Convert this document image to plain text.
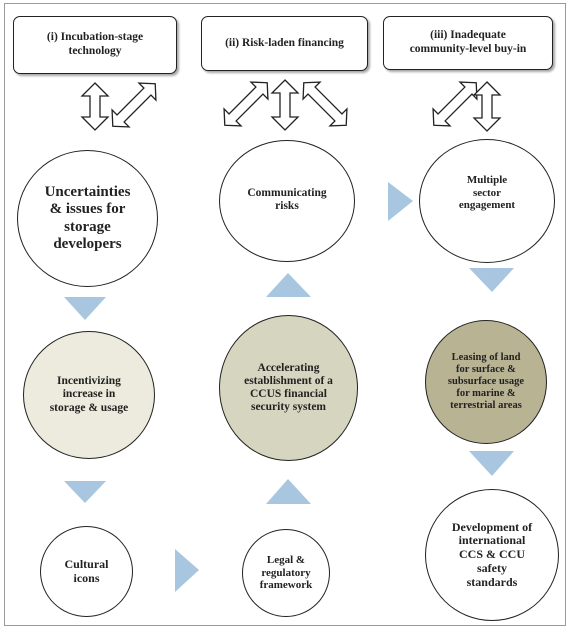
(i) Incubation-stage
technology
(ii) Risk-laden financing
(iii) Inadequate
community-level buy-in
Uncertainties
& issues for
storage
developers
Incentivizing
increase in
storage & usage
Cultural
icons
Communicating
risks
Accelerating
establishment of a
CCUS financial
security system
Legal &
regulatory
framework
Multiple
sector
engagement
Leasing of land
for surface &
subsurface usage
for marine &
terrestrial areas
Development of
international
CCS & CCU
safety
standards
